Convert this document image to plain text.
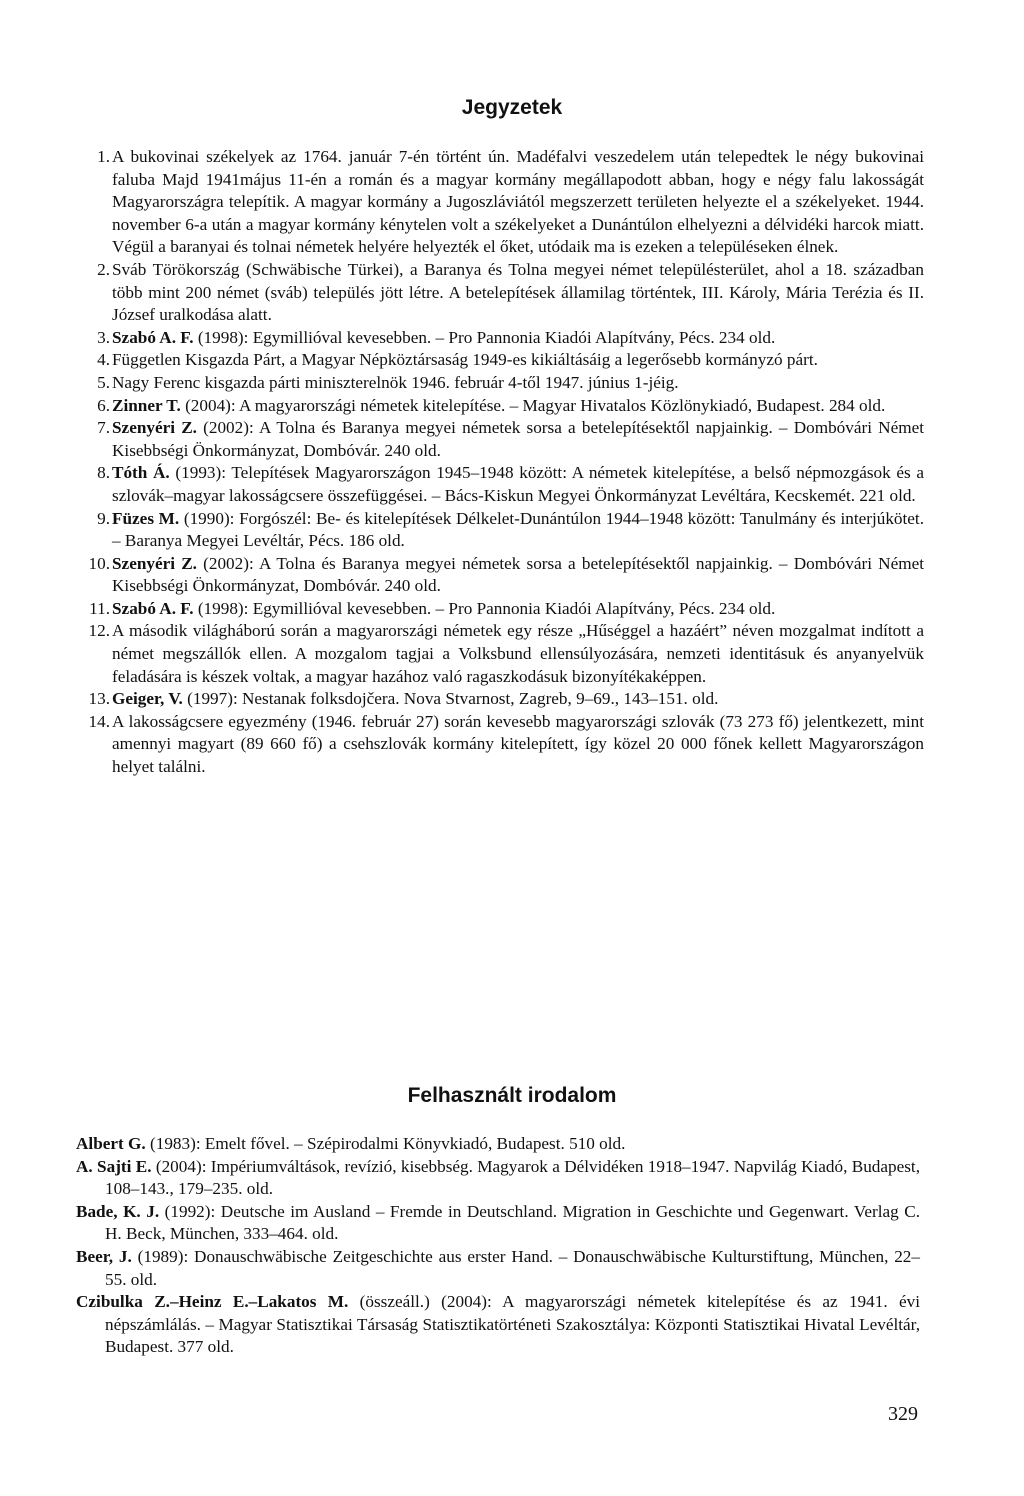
Jegyzetek
1. A bukovinai székelyek az 1764. január 7-én történt ún. Madéfalvi veszedelem után telepedtek le négy bukovinai faluba Majd 1941május 11-én a román és a magyar kormány megállapodott abban, hogy e négy falu lakosságát Magyarországra telepítik. A magyar kormány a Jugoszláviától megszerzett területen helyezte el a székelyeket. 1944. november 6-a után a magyar kormány kénytelen volt a székelyeket a Dunántúlon elhelyezni a délvidéki harcok miatt. Végül a baranyai és tolnai németek helyére helyezték el őket, utódaik ma is ezeken a településeken élnek.
2. Sváb Törökország (Schwäbische Türkei), a Baranya és Tolna megyei német településterület, ahol a 18. században több mint 200 német (sváb) település jött létre. A betelepítések államilag történtek, III. Károly, Mária Terézia és II. József uralkodása alatt.
3. Szabó A. F. (1998): Egymillióval kevesebben. – Pro Pannonia Kiadói Alapítvány, Pécs. 234 old.
4. Független Kisgazda Párt, a Magyar Népköztársaság 1949-es kikiáltásáig a legerősebb kormányzó párt.
5. Nagy Ferenc kisgazda párti miniszterelnök 1946. február 4-től 1947. június 1-jéig.
6. Zinner T. (2004): A magyarországi németek kitelepítése. – Magyar Hivatalos Közlönykiadó, Budapest. 284 old.
7. Szenyéri Z. (2002): A Tolna és Baranya megyei németek sorsa a betelepítésektől napjainkig. – Dombóvári Német Kisebbségi Önkormányzat, Dombóvár. 240 old.
8. Tóth Á. (1993): Telepítések Magyarországon 1945–1948 között: A németek kitelepítése, a belső népmozgások és a szlovák–magyar lakosságcsere összefüggései. – Bács-Kiskun Megyei Önkormányzat Levéltára, Kecskemét. 221 old.
9. Füzes M. (1990): Forgószél: Be- és kitelepítések Délkelet-Dunántúlon 1944–1948 között: Tanulmány és interjúkötet. – Baranya Megyei Levéltár, Pécs. 186 old.
10. Szenyéri Z. (2002): A Tolna és Baranya megyei németek sorsa a betelepítésektől napjainkig. – Dombóvári Német Kisebbségi Önkormányzat, Dombóvár. 240 old.
11. Szabó A. F. (1998): Egymillióval kevesebben. – Pro Pannonia Kiadói Alapítvány, Pécs. 234 old.
12. A második világháború során a magyarországi németek egy része „Hűséggel a hazáért” néven mozgalmat indított a német megszállók ellen. A mozgalom tagjai a Volksbund ellensúlyozására, nemzeti identitásuk és anyanyelvük feladására is készek voltak, a magyar hazához való ragaszkodásuk bizonyítékaképpen.
13. Geiger, V. (1997): Nestanak folksdojčera. Nova Stvarnost, Zagreb, 9–69., 143–151. old.
14. A lakosságcsere egyezmény (1946. február 27) során kevesebb magyarországi szlovák (73 273 fő) jelentkezett, mint amennyi magyart (89 660 fő) a csehszlovák kormány kitelepített, így közel 20 000 főnek kellett Magyarországon helyet találni.
Felhasznált irodalom

Albert G. (1983): Emelt fővel. – Szépirodalmi Könyvkiadó, Budapest. 510 old.

A. Sajti E. (2004): Impériumváltások, revízió, kisebbség. Magyarok a Délvidéken 1918–1947. Napvilág Kiadó, Budapest, 108–143., 179–235. old.

Bade, K. J. (1992): Deutsche im Ausland – Fremde in Deutschland. Migration in Geschichte und Gegenwart. Verlag C. H. Beck, München, 333–464. old.

Beer, J. (1989): Donauschwäbische Zeitgeschichte aus erster Hand. – Donauschwäbische Kulturstiftung, München, 22–55. old.

Czibulka Z.–Heinz E.–Lakatos M. (összeáll.) (2004): A magyarországi németek kitelepítése és az 1941. évi népszámlálás. – Magyar Statisztikai Társaság Statisztikatörténeti Szakosztálya: Központi Statisztikai Hivatal Levéltár, Budapest. 377 old.

329
